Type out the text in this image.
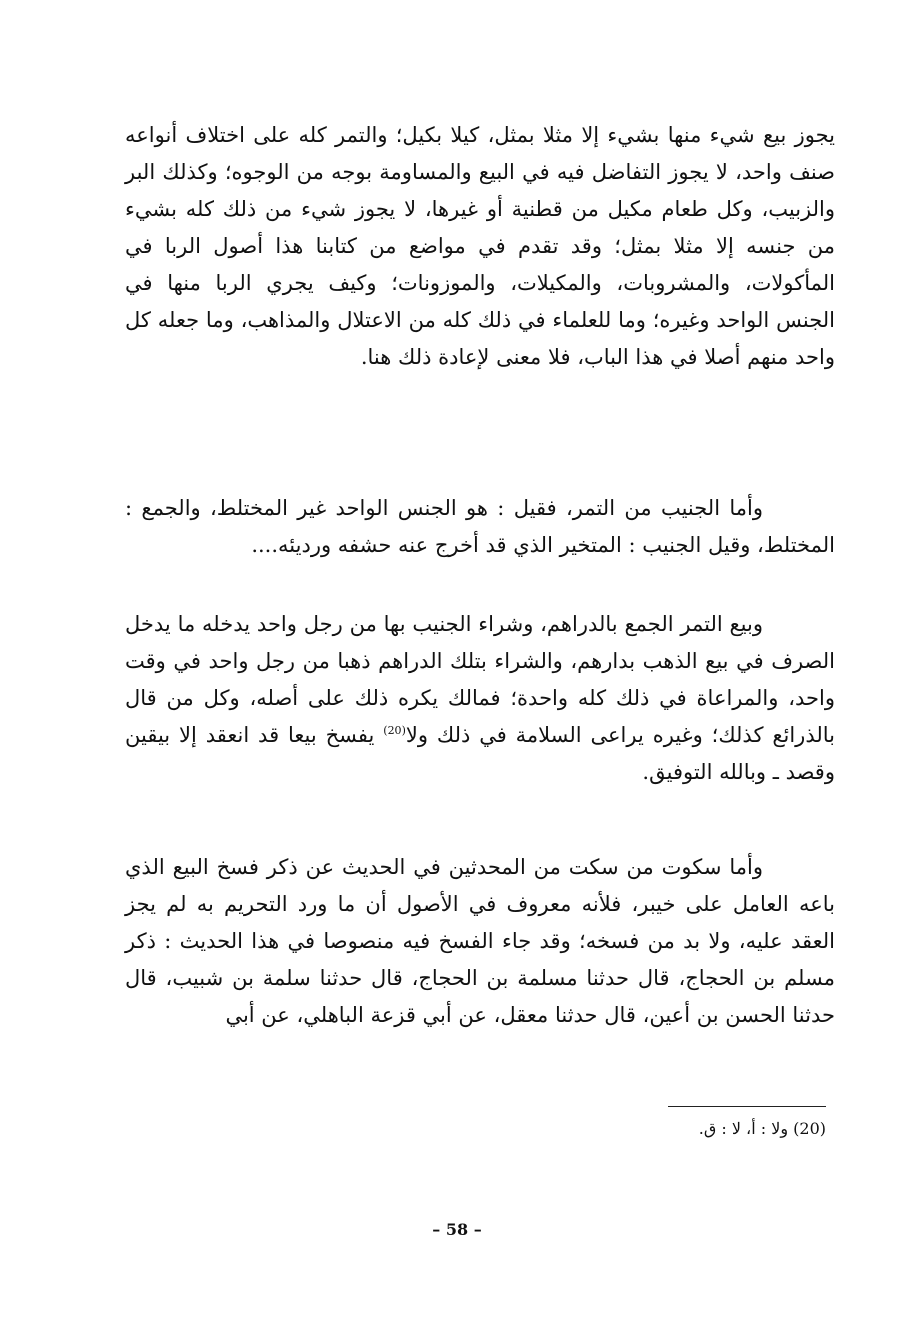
يجوز بيع شيء منها بشيء إلا مثلا بمثل، كيلا بكيل؛ والتمر كله على اختلاف أنواعه صنف واحد، لا يجوز التفاضل فيه في البيع والمساومة بوجه من الوجوه؛ وكذلك البر والزبيب، وكل طعام مكيل من قطنية أو غيرها، لا يجوز شيء من ذلك كله بشيء من جنسه إلا مثلا بمثل؛ وقد تقدم في مواضع من كتابنا هذا أصول الربا في المأكولات، والمشروبات، والمكيلات، والموزونات؛ وكيف يجري الربا منها في الجنس الواحد وغيره؛ وما للعلماء في ذلك كله من الاعتلال والمذاهب، وما جعله كل واحد منهم أصلا في هذا الباب، فلا معنى لإعادة ذلك هنا.

وأما الجنيب من التمر، فقيل : هو الجنس الواحد غير المختلط، والجمع : المختلط، وقيل الجنيب : المتخير الذي قد أخرج عنه حشفه ورديئه....

وبيع التمر الجمع بالدراهم، وشراء الجنيب بها من رجل واحد يدخله ما يدخل الصرف في بيع الذهب بدارهم، والشراء بتلك الدراهم ذهبا من رجل واحد في وقت واحد، والمراعاة في ذلك كله واحدة؛ فمالك يكره ذلك على أصله، وكل من قال بالذرائع كذلك؛ وغيره يراعى السلامة في ذلك ولا$^{(20)}$ يفسخ بيعا قد انعقد إلا بيقين وقصد ـ وبالله التوفيق.

وأما سكوت من سكت من المحدثين في الحديث عن ذكر فسخ البيع الذي باعه العامل على خيبر، فلأنه معروف في الأصول أن ما ورد التحريم به لم يجز العقد عليه، ولا بد من فسخه؛ وقد جاء الفسخ فيه منصوصا في هذا الحديث : ذكر مسلم بن الحجاج، قال حدثنا مسلمة بن الحجاج، قال حدثنا سلمة بن شبيب، قال حدثنا الحسن بن أعين، قال حدثنا معقل، عن أبي قزعة الباهلي، عن أبي

(20) ولا : أ، لا : ق.
– 58 –
